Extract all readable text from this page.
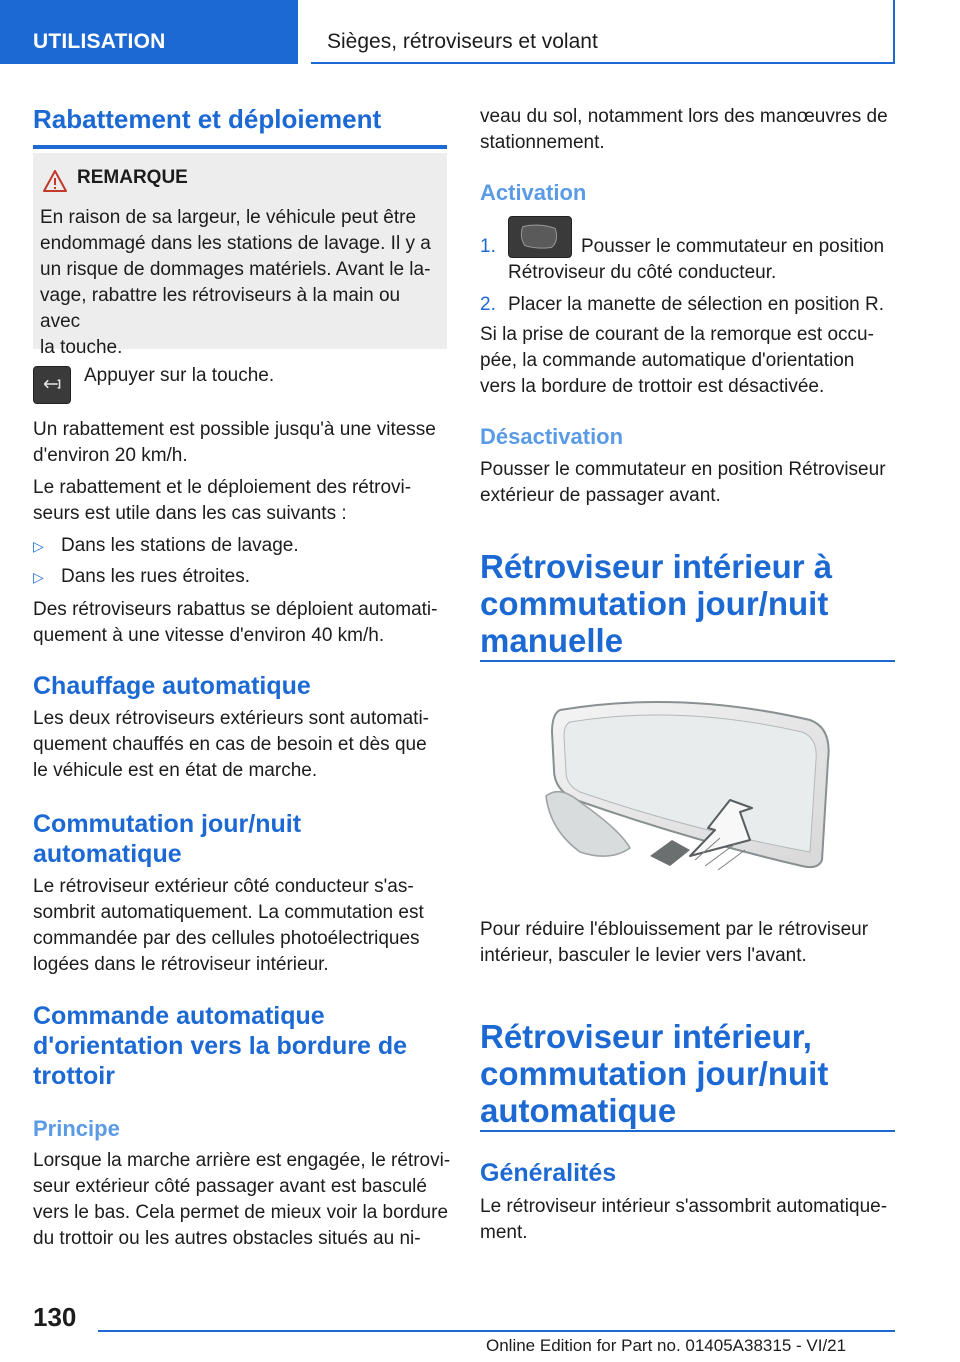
UTILISATION	Sièges, rétroviseurs et volant
Rabattement et déploiement
REMARQUE
En raison de sa largeur, le véhicule peut être
endommagé dans les stations de lavage. Il y a
un risque de dommages matériels. Avant le la-
vage, rabattre les rétroviseurs à la main ou avec
la touche.
Appuyer sur la touche.
Un rabattement est possible jusqu'à une vitesse
d'environ 20 km/h.
Le rabattement et le déploiement des rétrovi-
seurs est utile dans les cas suivants :
▷ Dans les stations de lavage.
▷ Dans les rues étroites.
Des rétroviseurs rabattus se déploient automati-
quement à une vitesse d'environ 40 km/h.
Chauffage automatique
Les deux rétroviseurs extérieurs sont automati-
quement chauffés en cas de besoin et dès que
le véhicule est en état de marche.
Commutation jour/nuit
automatique
Le rétroviseur extérieur côté conducteur s'as-
sombrit automatiquement. La commutation est
commandée par des cellules photoélectriques
logées dans le rétroviseur intérieur.
Commande automatique
d'orientation vers la bordure de
trottoir
Principe
Lorsque la marche arrière est engagée, le rétrovi-
seur extérieur côté passager avant est basculé
vers le bas. Cela permet de mieux voir la bordure
du trottoir ou les autres obstacles situés au ni-
veau du sol, notamment lors des manœuvres de
stationnement.
Activation
1.	Pousser le commutateur en position
Rétroviseur du côté conducteur.
2. Placer la manette de sélection en position R.
Si la prise de courant de la remorque est occu-
pée, la commande automatique d'orientation
vers la bordure de trottoir est désactivée.
Désactivation
Pousser le commutateur en position Rétroviseur
extérieur de passager avant.
Rétroviseur intérieur à
commutation jour/nuit
manuelle
Pour réduire l'éblouissement par le rétroviseur
intérieur, basculer le levier vers l'avant.
Rétroviseur intérieur,
commutation jour/nuit
automatique
Généralités
Le rétroviseur intérieur s'assombrit automatique-
ment.
130
Online Edition for Part no. 01405A38315 - VI/21
